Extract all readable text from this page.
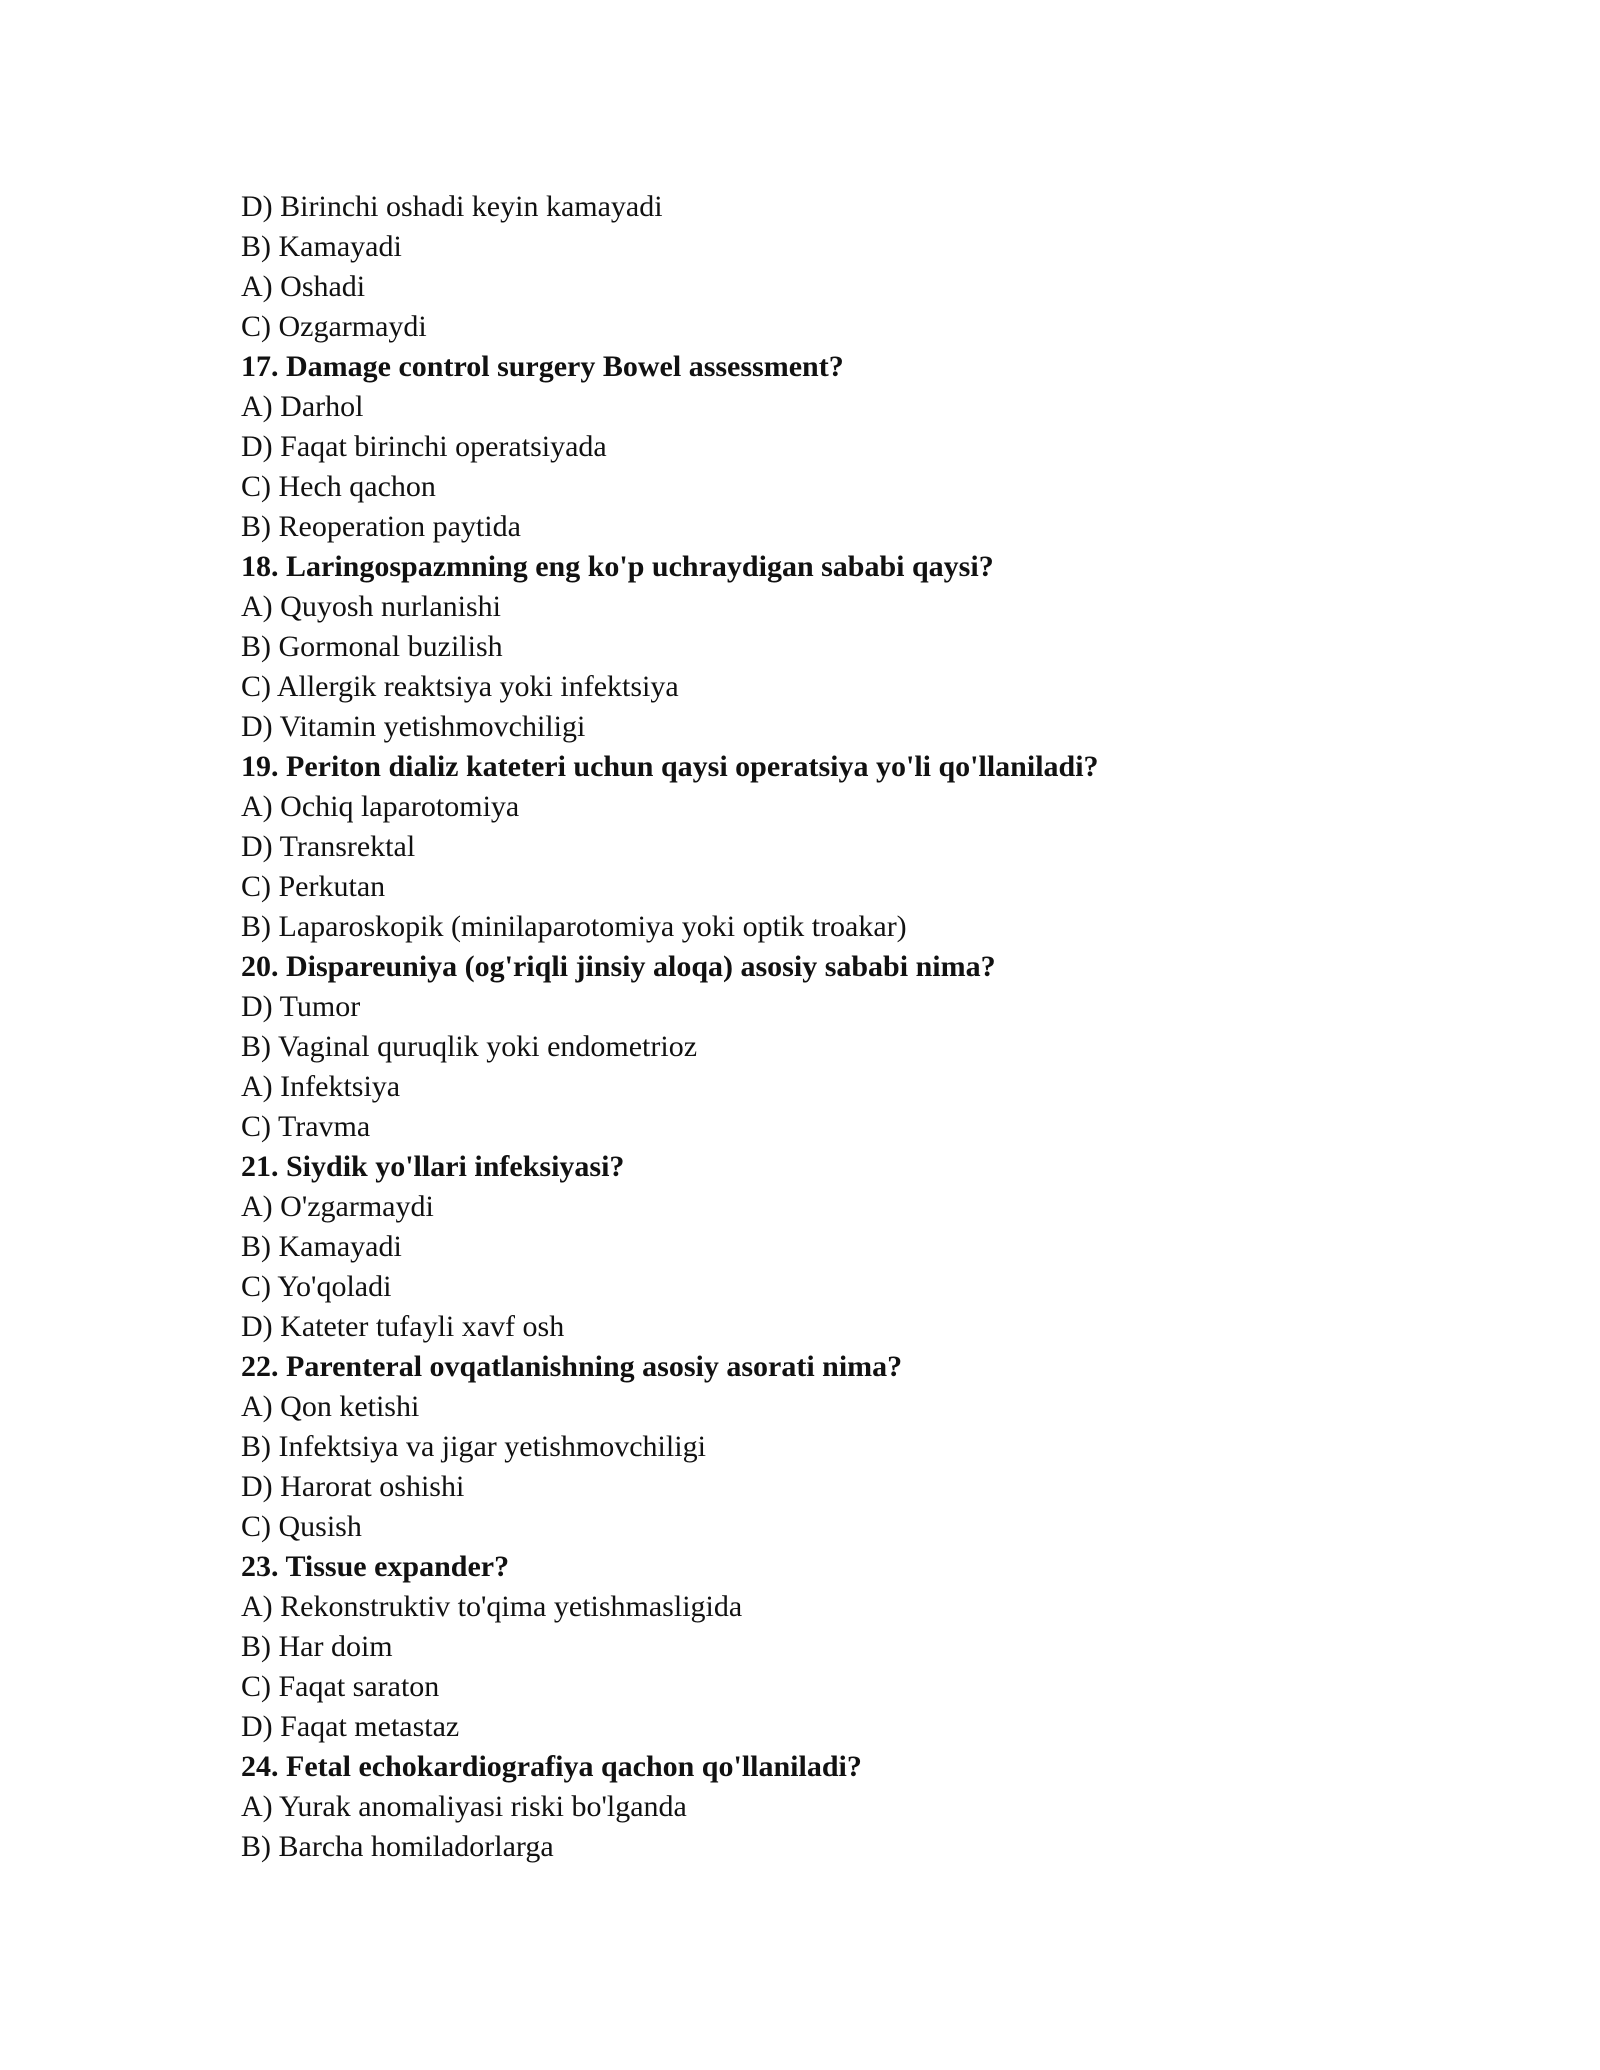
D) Birinchi oshadi keyin kamayadi
B) Kamayadi
A) Oshadi
C) Ozgarmaydi
17. Damage control surgery Bowel assessment?
A) Darhol
D) Faqat birinchi operatsiyada
C) Hech qachon
B) Reoperation paytida
18. Laringospazmning eng ko'p uchraydigan sababi qaysi?
A) Quyosh nurlanishi
B) Gormonal buzilish
C) Allergik reaktsiya yoki infektsiya
D) Vitamin yetishmovchiligi
19. Periton dializ kateteri uchun qaysi operatsiya yo'li qo'llaniladi?
A) Ochiq laparotomiya
D) Transrektal
C) Perkutan
B) Laparoskopik (minilaparotomiya yoki optik troakar)
20. Dispareuniya (og'riqli jinsiy aloqa) asosiy sababi nima?
D) Tumor
B) Vaginal quruqlik yoki endometrioz
A) Infektsiya
C) Travma
21. Siydik yo'llari infeksiyasi?
A) O'zgarmaydi
B) Kamayadi
C) Yo'qoladi
D) Kateter tufayli xavf osh
22. Parenteral ovqatlanishning asosiy asorati nima?
A) Qon ketishi
B) Infektsiya va jigar yetishmovchiligi
D) Harorat oshishi
C) Qusish
23. Tissue expander?
A) Rekonstruktiv to'qima yetishmasligida
B) Har doim
C) Faqat saraton
D) Faqat metastaz
24. Fetal echokardiografiya qachon qo'llaniladi?
A) Yurak anomaliyasi riski bo'lganda
B) Barcha homiladorlarga
